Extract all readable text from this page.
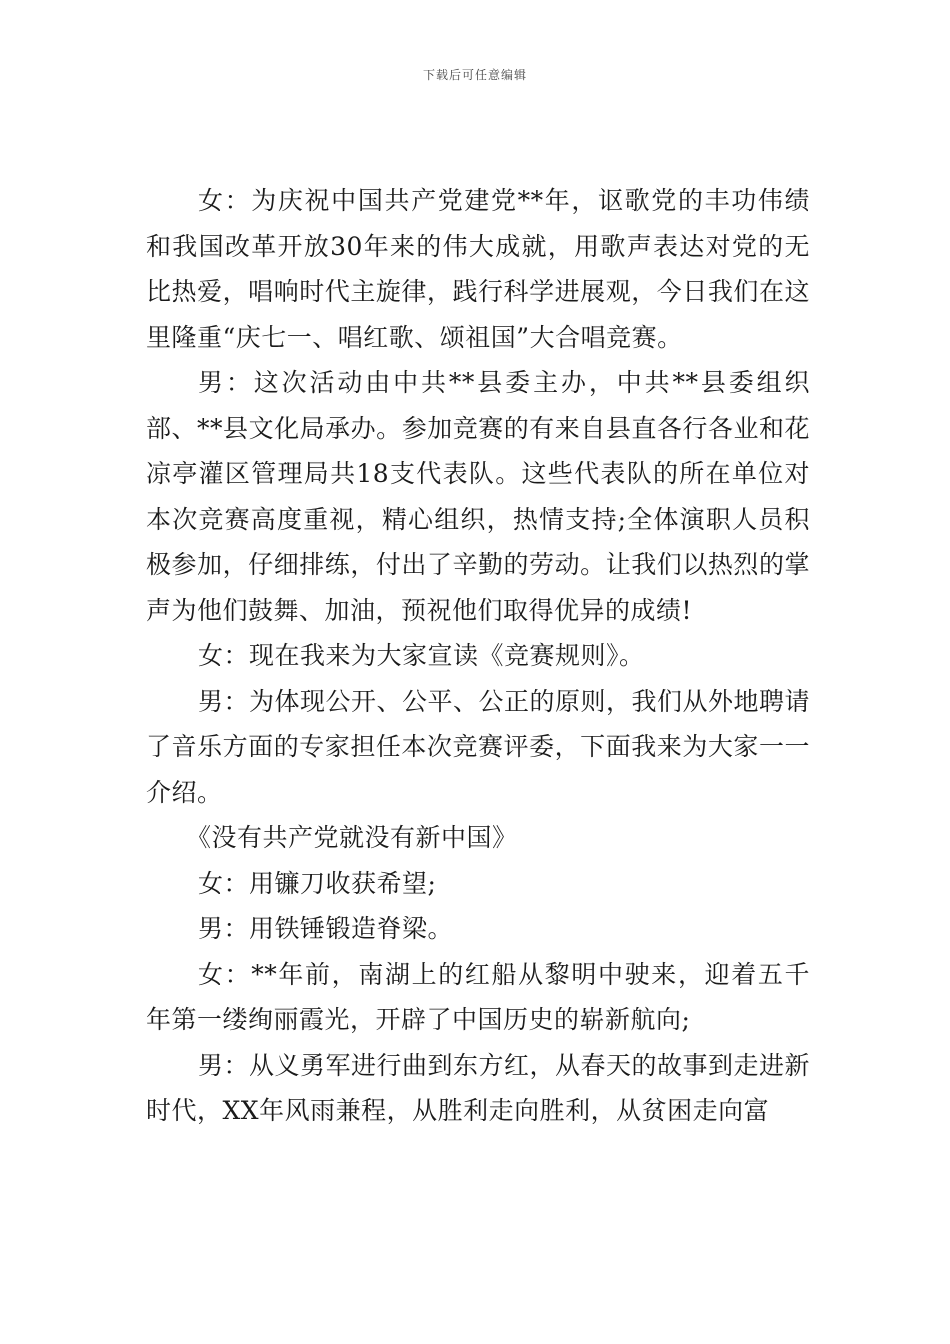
下载后可任意编辑

女：为庆祝中国共产党建党**年，讴歌党的丰功伟绩和我国改革开放30年来的伟大成就，用歌声表达对党的无比热爱，唱响时代主旋律，践行科学进展观，今日我们在这里隆重“庆七一、唱红歌、颂祖国”大合唱竞赛。

男：这次活动由中共**县委主办，中共**县委组织部、**县文化局承办。参加竞赛的有来自县直各行各业和花凉亭灌区管理局共18支代表队。这些代表队的所在单位对本次竞赛高度重视，精心组织，热情支持;全体演职人员积极参加，仔细排练，付出了辛勤的劳动。让我们以热烈的掌声为他们鼓舞、加油，预祝他们取得优异的成绩!

女：现在我来为大家宣读《竞赛规则》。

男：为体现公开、公平、公正的原则，我们从外地聘请了音乐方面的专家担任本次竞赛评委，下面我来为大家一一介绍。

《没有共产党就没有新中国》

女：用镰刀收获希望;

男：用铁锤锻造脊梁。

女：**年前，南湖上的红船从黎明中驶来，迎着五千年第一缕绚丽霞光，开辟了中国历史的崭新航向;

男：从义勇军进行曲到东方红，从春天的故事到走进新时代，XX年风雨兼程，从胜利走向胜利，从贫困走向富
